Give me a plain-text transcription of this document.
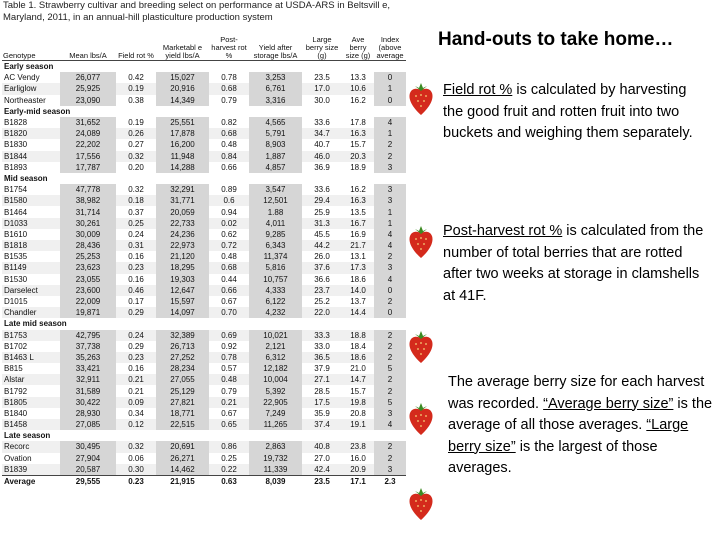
Table 1. Strawberry cultivar and breeding select on performance at USDA-ARS in Beltsvill e, Maryland, 2011, in an annual-hill plasticulture production system
Genotype	Mean lbs/A	Field rot %	Marketabl e yield lbs/A	Post-harvest rot %	Yield after storage lbs/A	Large berry size (g)	Ave berry size (g)	Index (above average
Early season								
AC Vendy	26,077	0.42	15,027	0.78	3,253	23.5	13.3	0
Earliglow	25,925	0.19	20,916	0.68	6,761	17.0	10.6	1
Northeaster	23,090	0.38	14,349	0.79	3,316	30.0	16.2	0
Early-mid season								
B1828	31,652	0.19	25,551	0.82	4,565	33.6	17.8	4
B1820	24,089	0.26	17,878	0.68	5,791	34.7	16.3	1
B1830	22,202	0.27	16,200	0.48	8,903	40.7	15.7	2
B1844	17,556	0.32	11,948	0.84	1,887	46.0	20.3	2
B1893	17,787	0.20	14,288	0.66	4,857	36.9	18.9	3
Mid season								
B1754	47,778	0.32	32,291	0.89	3,547	33.6	16.2	3
B1580	38,982	0.18	31,771	0.6	12,501	29.4	16.3	3
B1464	31,714	0.37	20,059	0.94	1.88	25.9	13.5	1
D1033	30,261	0.25	22,733	0.02	4,011	31.3	16.7	1
B1610	30,009	0.24	24,236	0.62	9,285	45.5	16.9	4
B1818	28,436	0.31	22,973	0.72	6,343	44.2	21.7	4
B1535	25,253	0.16	21,120	0.48	11,374	26.0	13.1	2
B1149	23,623	0.23	18,295	0.68	5,816	37.6	17.3	3
B1530	23,055	0.16	19,303	0.44	10,757	36.6	18.6	4
Darselect	23,600	0.46	12,647	0.66	4,333	23.7	14.0	0
D1015	22,009	0.17	15,597	0.67	6,122	25.2	13.7	2
Chandler	19,871	0.29	14,097	0.70	4,232	22.0	14.4	0
Late mid season								
B1753	42,795	0.24	32,389	0.69	10,021	33.3	18.8	2
B1702	37,738	0.29	26,713	0.92	2,121	33.0	18.4	2
B1463 L	35,263	0.23	27,252	0.78	6,312	36.5	18.6	2
B815	33,421	0.16	28,234	0.57	12,182	37.9	21.0	5
Alstar	32,911	0.21	27,055	0.48	10,004	27.1	14.7	2
B1792	31,589	0.21	25,129	0.79	5,392	28.5	15.7	2
B1805	30,422	0.09	27,821	0.21	22,905	17.5	19.8	5
B1840	28,930	0.34	18,771	0.67	7,249	35.9	20.8	3
B1458	27,085	0.12	22,515	0.65	11,265	37.4	19.1	4
Late season								
Recorc	30,495	0.32	20,691	0.86	2,863	40.8	23.8	2
Ovation	27,904	0.06	26,271	0.25	19,732	27.0	16.0	2
B1839	20,587	0.30	14,462	0.22	11,339	42.4	20.9	3
Average	29,555	0.23	21,915	0.63	8,039	23.5	17.1	2.3
Hand-outs to take home…
Field rot % is calculated by harvesting the good fruit and rotten fruit into two buckets and weighing them separately.
Post-harvest rot % is calculated from the number of total berries that are rotted after two weeks at storage in clamshells at 41F.
The average berry size for each harvest was recorded. “Average berry size” is the average of all those averages. “Large berry size” is the largest of those averages.
